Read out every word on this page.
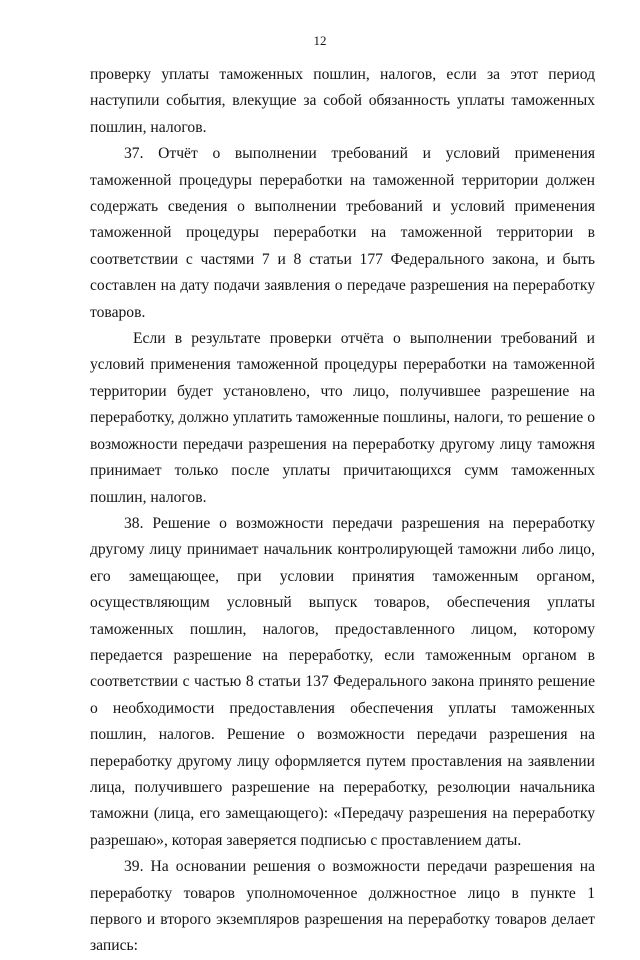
12

проверку уплаты таможенных пошлин, налогов, если за этот период наступили события, влекущие за собой обязанность уплаты таможенных пошлин, налогов.

37. Отчёт о выполнении требований и условий применения таможенной процедуры переработки на таможенной территории должен содержать сведения о выполнении требований и условий применения таможенной процедуры переработки на таможенной территории в соответствии с частями 7 и 8 статьи 177 Федерального закона, и быть составлен на дату подачи заявления о передаче разрешения на переработку товаров.

Если в результате проверки отчёта о выполнении требований и условий применения таможенной процедуры переработки на таможенной территории будет установлено, что лицо, получившее разрешение на переработку, должно уплатить таможенные пошлины, налоги, то решение о возможности передачи разрешения на переработку другому лицу таможня принимает только после уплаты причитающихся сумм таможенных пошлин, налогов.

38. Решение о возможности передачи разрешения на переработку другому лицу принимает начальник контролирующей таможни либо лицо, его замещающее, при условии принятия таможенным органом, осуществляющим условный выпуск товаров, обеспечения уплаты таможенных пошлин, налогов, предоставленного лицом, которому передается разрешение на переработку, если таможенным органом в соответствии с частью 8 статьи 137 Федерального закона принято решение о необходимости предоставления обеспечения уплаты таможенных пошлин, налогов. Решение о возможности передачи разрешения на переработку другому лицу оформляется путем проставления на заявлении лица, получившего разрешение на переработку, резолюции начальника таможни (лица, его замещающего): «Передачу разрешения на переработку разрешаю», которая заверяется подписью с проставлением даты.

39. На основании решения о возможности передачи разрешения на переработку товаров уполномоченное должностное лицо в пункте 1 первого и второго экземпляров разрешения на переработку товаров делает запись:
